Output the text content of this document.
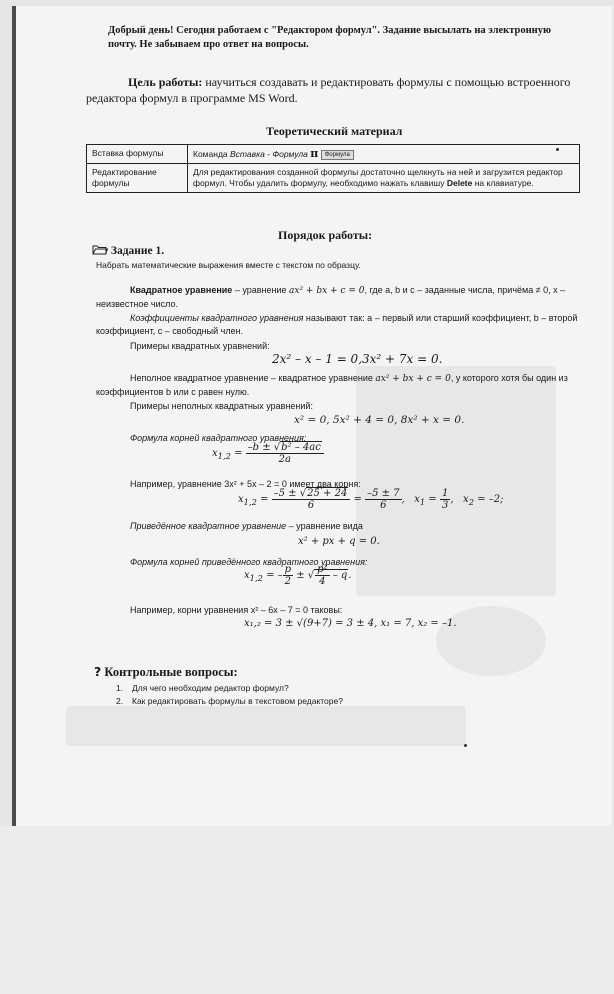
Добрый день! Сегодня работаем с "Редактором формул". Задание высылать на электронную почту. Не забываем про ответ на вопросы.
Цель работы: научиться создавать и редактировать формулы с помощью встроенного редактора формул в программе MS Word.
Теоретический материал
Вставка формулы	Команда Вставка - Формула π Формула
Редактирование формулы	Для редактирования созданной формулы достаточно щелкнуть на ней и загрузится редактор формул. Чтобы удалить формулу, необходимо нажать клавишу Delete на клавиатуре.
Порядок работы:
Задание 1.
Набрать математические выражения вместе с текстом по образцу.
Квадратное уравнение – уравнение ax² + bx + c = 0, где a, b и c – заданные числа, причёма ≠ 0, x – неизвестное число.
Коэффициенты квадратного уравнения называют так: a – первый или старший коэффициент, b – второй коэффициент, c – свободный член.
Примеры квадратных уравнений:
2x² – x – 1 = 0,3x² + 7x = 0.
Неполное квадратное уравнение – квадратное уравнение ax² + bx + c = 0, у которого хотя бы один из коэффициентов b или c равен нулю.
Примеры неполных квадратных уравнений:
x² = 0, 5x² + 4 = 0, 8x² + x = 0.
Формула корней квадратного уравнения:
$x_{1,2} = \frac{\text{–b ± √b² – 4ac}}{2a}$
Например, уравнение 3x² + 5x – 2 = 0 имеет два корня:
$x_{1,2} = \frac{-5 \pm √25 + 24}{6} = \frac{-5 \pm 7}{6}$ ,   $x_1 = \frac{1}{3}$ ,   $x_2 = -2$;
Приведённое квадратное уравнение – уравнение вида
x² + px + q = 0.
Формула корней приведённого квадратного уравнения:
$x_{1,2}$ = – $\frac{p}{2}$ ± √ $\frac{\text{p²}}{4}$ – q.
Например, корни уравнения x² – 6x – 7 = 0 таковы:
x₁,₂ = 3 ± √(9+7) = 3 ± 4, x₁ = 7, x₂ = –1.
? Контрольные вопросы:
1. Для чего необходим редактор формул?
2. Как редактировать формулы в текстовом редакторе?
